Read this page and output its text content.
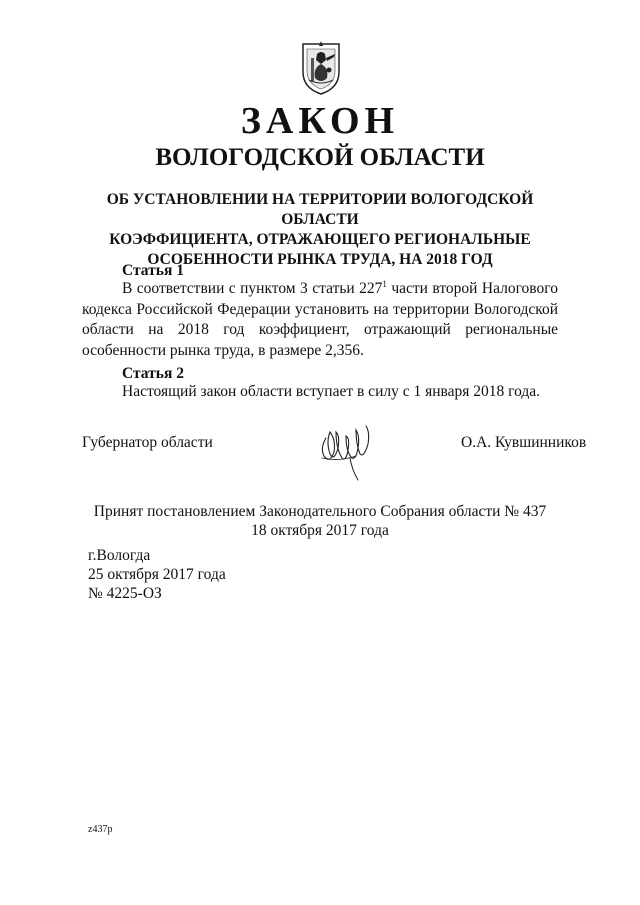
ЗАКОН
ВОЛОГОДСКОЙ ОБЛАСТИ
ОБ УСТАНОВЛЕНИИ НА ТЕРРИТОРИИ ВОЛОГОДСКОЙ ОБЛАСТИ
КОЭФФИЦИЕНТА, ОТРАЖАЮЩЕГО РЕГИОНАЛЬНЫЕ
ОСОБЕННОСТИ РЫНКА ТРУДА, НА 2018 ГОД
Статья 1
В соответствии с пунктом 3 статьи $227^1$ части второй Налогового кодекса Российской Федерации установить на территории Вологодской области на 2018 год коэффициент, отражающий региональные особенности рынка труда, в размере 2,356.
Статья 2
Настоящий закон области вступает в силу с 1 января 2018 года.
Губернатор области	О.А. Кувшинников
Принят постановлением Законодательного Собрания области № 437
18 октября 2017 года
г.Вологда
25 октября 2017 года
№ 4225-ОЗ
z437p
